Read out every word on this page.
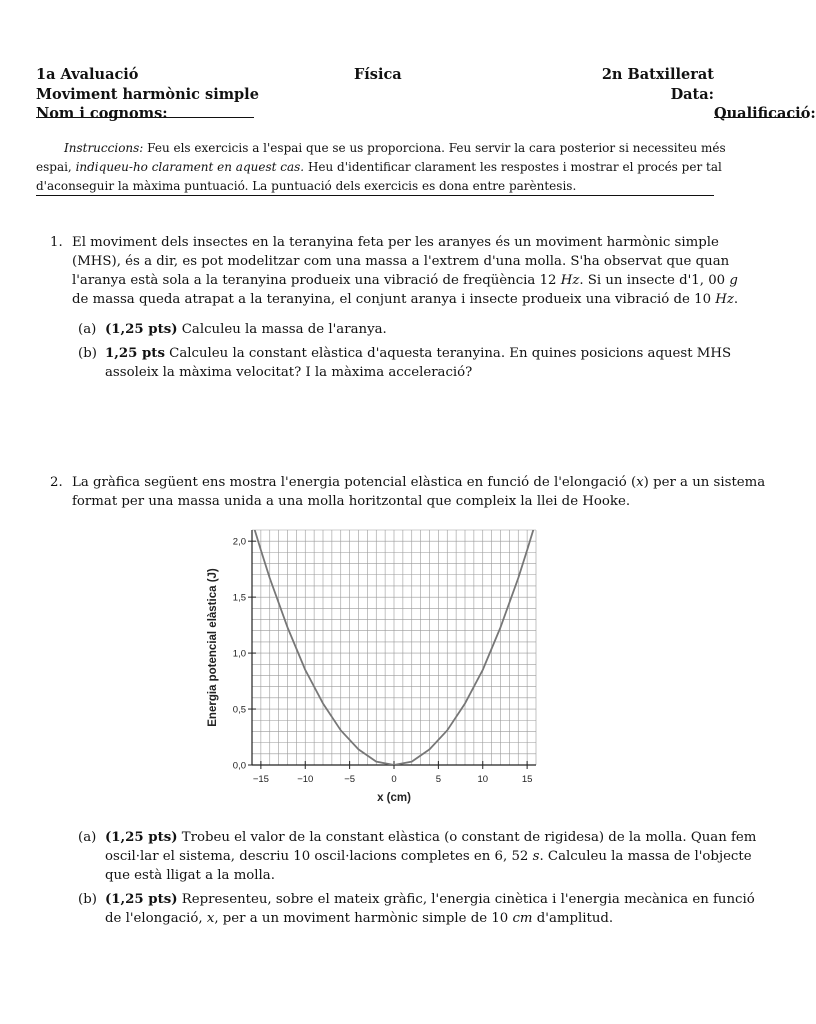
1a Avaluació	Física	2n Batxillerat
Moviment harmònic simple	Data:
Nom i cognoms:	Qualificació:
Instruccions: Feu els exercicis a l'espai que se us proporciona. Feu servir la cara posterior si necessiteu més
espai, indiqueu-ho clarament en aquest cas. Heu d'identificar clarament les respostes i mostrar el procés per tal
d'aconseguir la màxima puntuació. La puntuació dels exercicis es dona entre parèntesis.
1. El moviment dels insectes en la teranyina feta per les aranyes és un moviment harmònic simple
(MHS), és a dir, es pot modelitzar com una massa a l'extrem d'una molla. S'ha observat que quan
l'aranya està sola a la teranyina produeix una vibració de freqüència 12 Hz. Si un insecte d'1, 00 g
de massa queda atrapat a la teranyina, el conjunt aranya i insecte produeix una vibració de 10 Hz.
(a) (1,25 pts) Calculeu la massa de l'aranya.
(b) 1,25 pts Calculeu la constant elàstica d'aquesta teranyina. En quines posicions aquest MHS
assoleix la màxima velocitat? I la màxima acceleració?
2. La gràfica següent ens mostra l'energia potencial elàstica en funció de l'elongació (x) per a un sistema
format per una massa unida a una molla horitzontal que compleix la llei de Hooke.
−15	−10	−5	0	5	10	15
0,0
0,5
1,0
1,5
2,0
x (cm)
Energia potencial elàstica (J)
(a) (1,25 pts) Trobeu el valor de la constant elàstica (o constant de rigidesa) de la molla. Quan fem
oscil·lar el sistema, descriu 10 oscil·lacions completes en 6, 52 s. Calculeu la massa de l'objecte
que està lligat a la molla.
(b) (1,25 pts) Representeu, sobre el mateix gràfic, l'energia cinètica i l'energia mecànica en funció
de l'elongació, x, per a un moviment harmònic simple de 10 cm d'amplitud.
